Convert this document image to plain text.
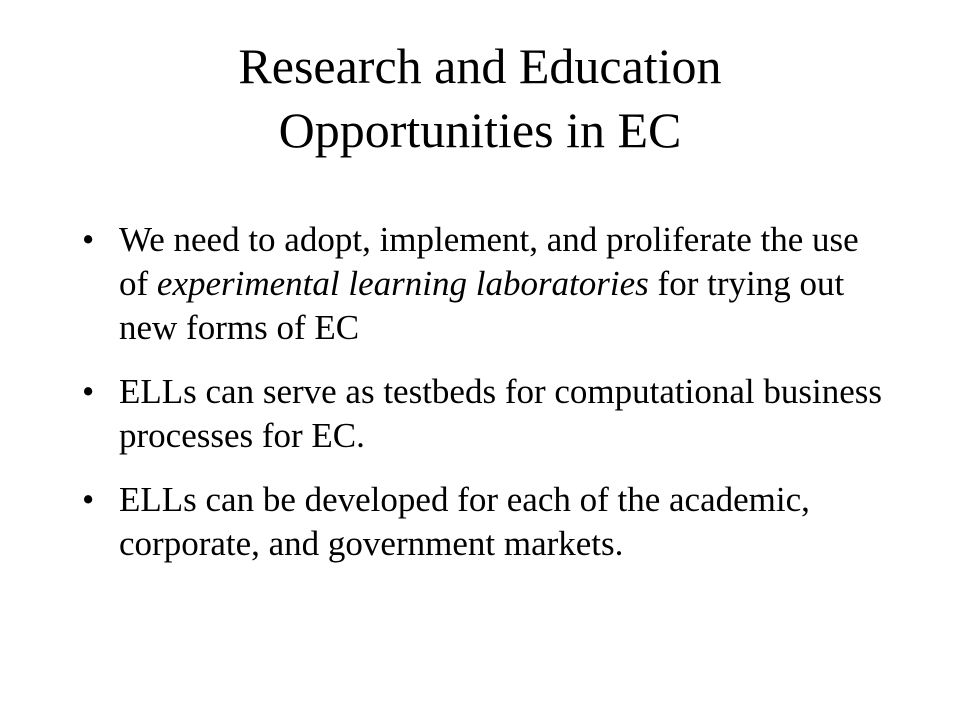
Research and Education
Opportunities in EC
• We need to adopt, implement, and proliferate the use of experimental learning laboratories for trying out new forms of EC
• ELLs can serve as testbeds for computational business processes for EC.
• ELLs can be developed for each of the academic, corporate, and government markets.
